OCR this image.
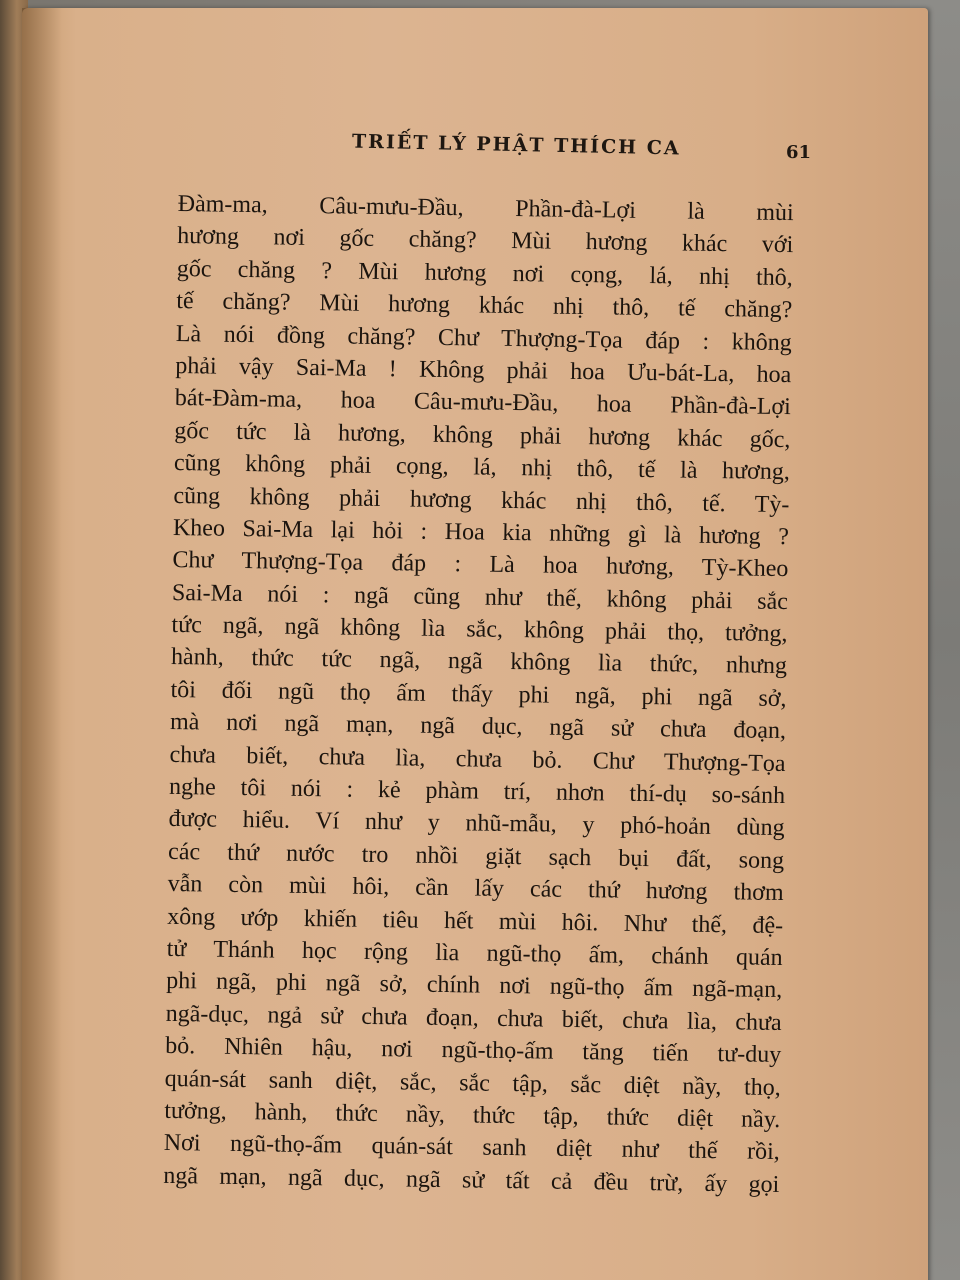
TRIẾT LÝ PHẬT THÍCH CA	61
Đàm-ma, Câu-mưu-Đầu, Phần-đà-Lợi là mùi
hương nơi gốc chăng? Mùi hương khác với
gốc chăng ? Mùi hương nơi cọng, lá, nhị thô,
tế chăng? Mùi hương khác nhị thô, tế chăng?
Là nói đồng chăng? Chư Thượng-Tọa đáp : không
phải vậy Sai-Ma ! Không phải hoa Ưu-bát-La, hoa
bát-Đàm-ma, hoa Câu-mưu-Đầu, hoa Phần-đà-Lợi
gốc tức là hương, không phải hương khác gốc,
cũng không phải cọng, lá, nhị thô, tế là hương,
cũng không phải hương khác nhị thô, tế. Tỳ-
Kheo Sai-Ma lại hỏi : Hoa kia những gì là hương ?
Chư Thượng-Tọa đáp : Là hoa hương, Tỳ-Kheo
Sai-Ma nói : ngã cũng như thế, không phải sắc
tức ngã, ngã không lìa sắc, không phải thọ, tưởng,
hành, thức tức ngã, ngã không lìa thức, nhưng
tôi đối ngũ thọ ấm thấy phi ngã, phi ngã sở,
mà nơi ngã mạn, ngã dục, ngã sử chưa đoạn,
chưa biết, chưa lìa, chưa bỏ. Chư Thượng-Tọa
nghe tôi nói : kẻ phàm trí, nhơn thí-dụ so-sánh
được hiểu. Ví như y nhũ-mẫu, y phó-hoản dùng
các thứ nước tro nhồi giặt sạch bụi đất, song
vẫn còn mùi hôi, cần lấy các thứ hương thơm
xông ướp khiến tiêu hết mùi hôi. Như thế, đệ-
tử Thánh học rộng lìa ngũ-thọ ấm, chánh quán
phi ngã, phi ngã sở, chính nơi ngũ-thọ ấm ngã-mạn,
ngã-dục, ngả sử chưa đoạn, chưa biết, chưa lìa, chưa
bỏ. Nhiên hậu, nơi ngũ-thọ-ấm tăng tiến tư-duy
quán-sát sanh diệt, sắc, sắc tập, sắc diệt nầy, thọ,
tưởng, hành, thức nầy, thức tập, thức diệt nầy.
Nơi ngũ-thọ-ấm quán-sát sanh diệt như thế rồi,
ngã mạn, ngã dục, ngã sử tất cả đều trừ, ấy gọi
